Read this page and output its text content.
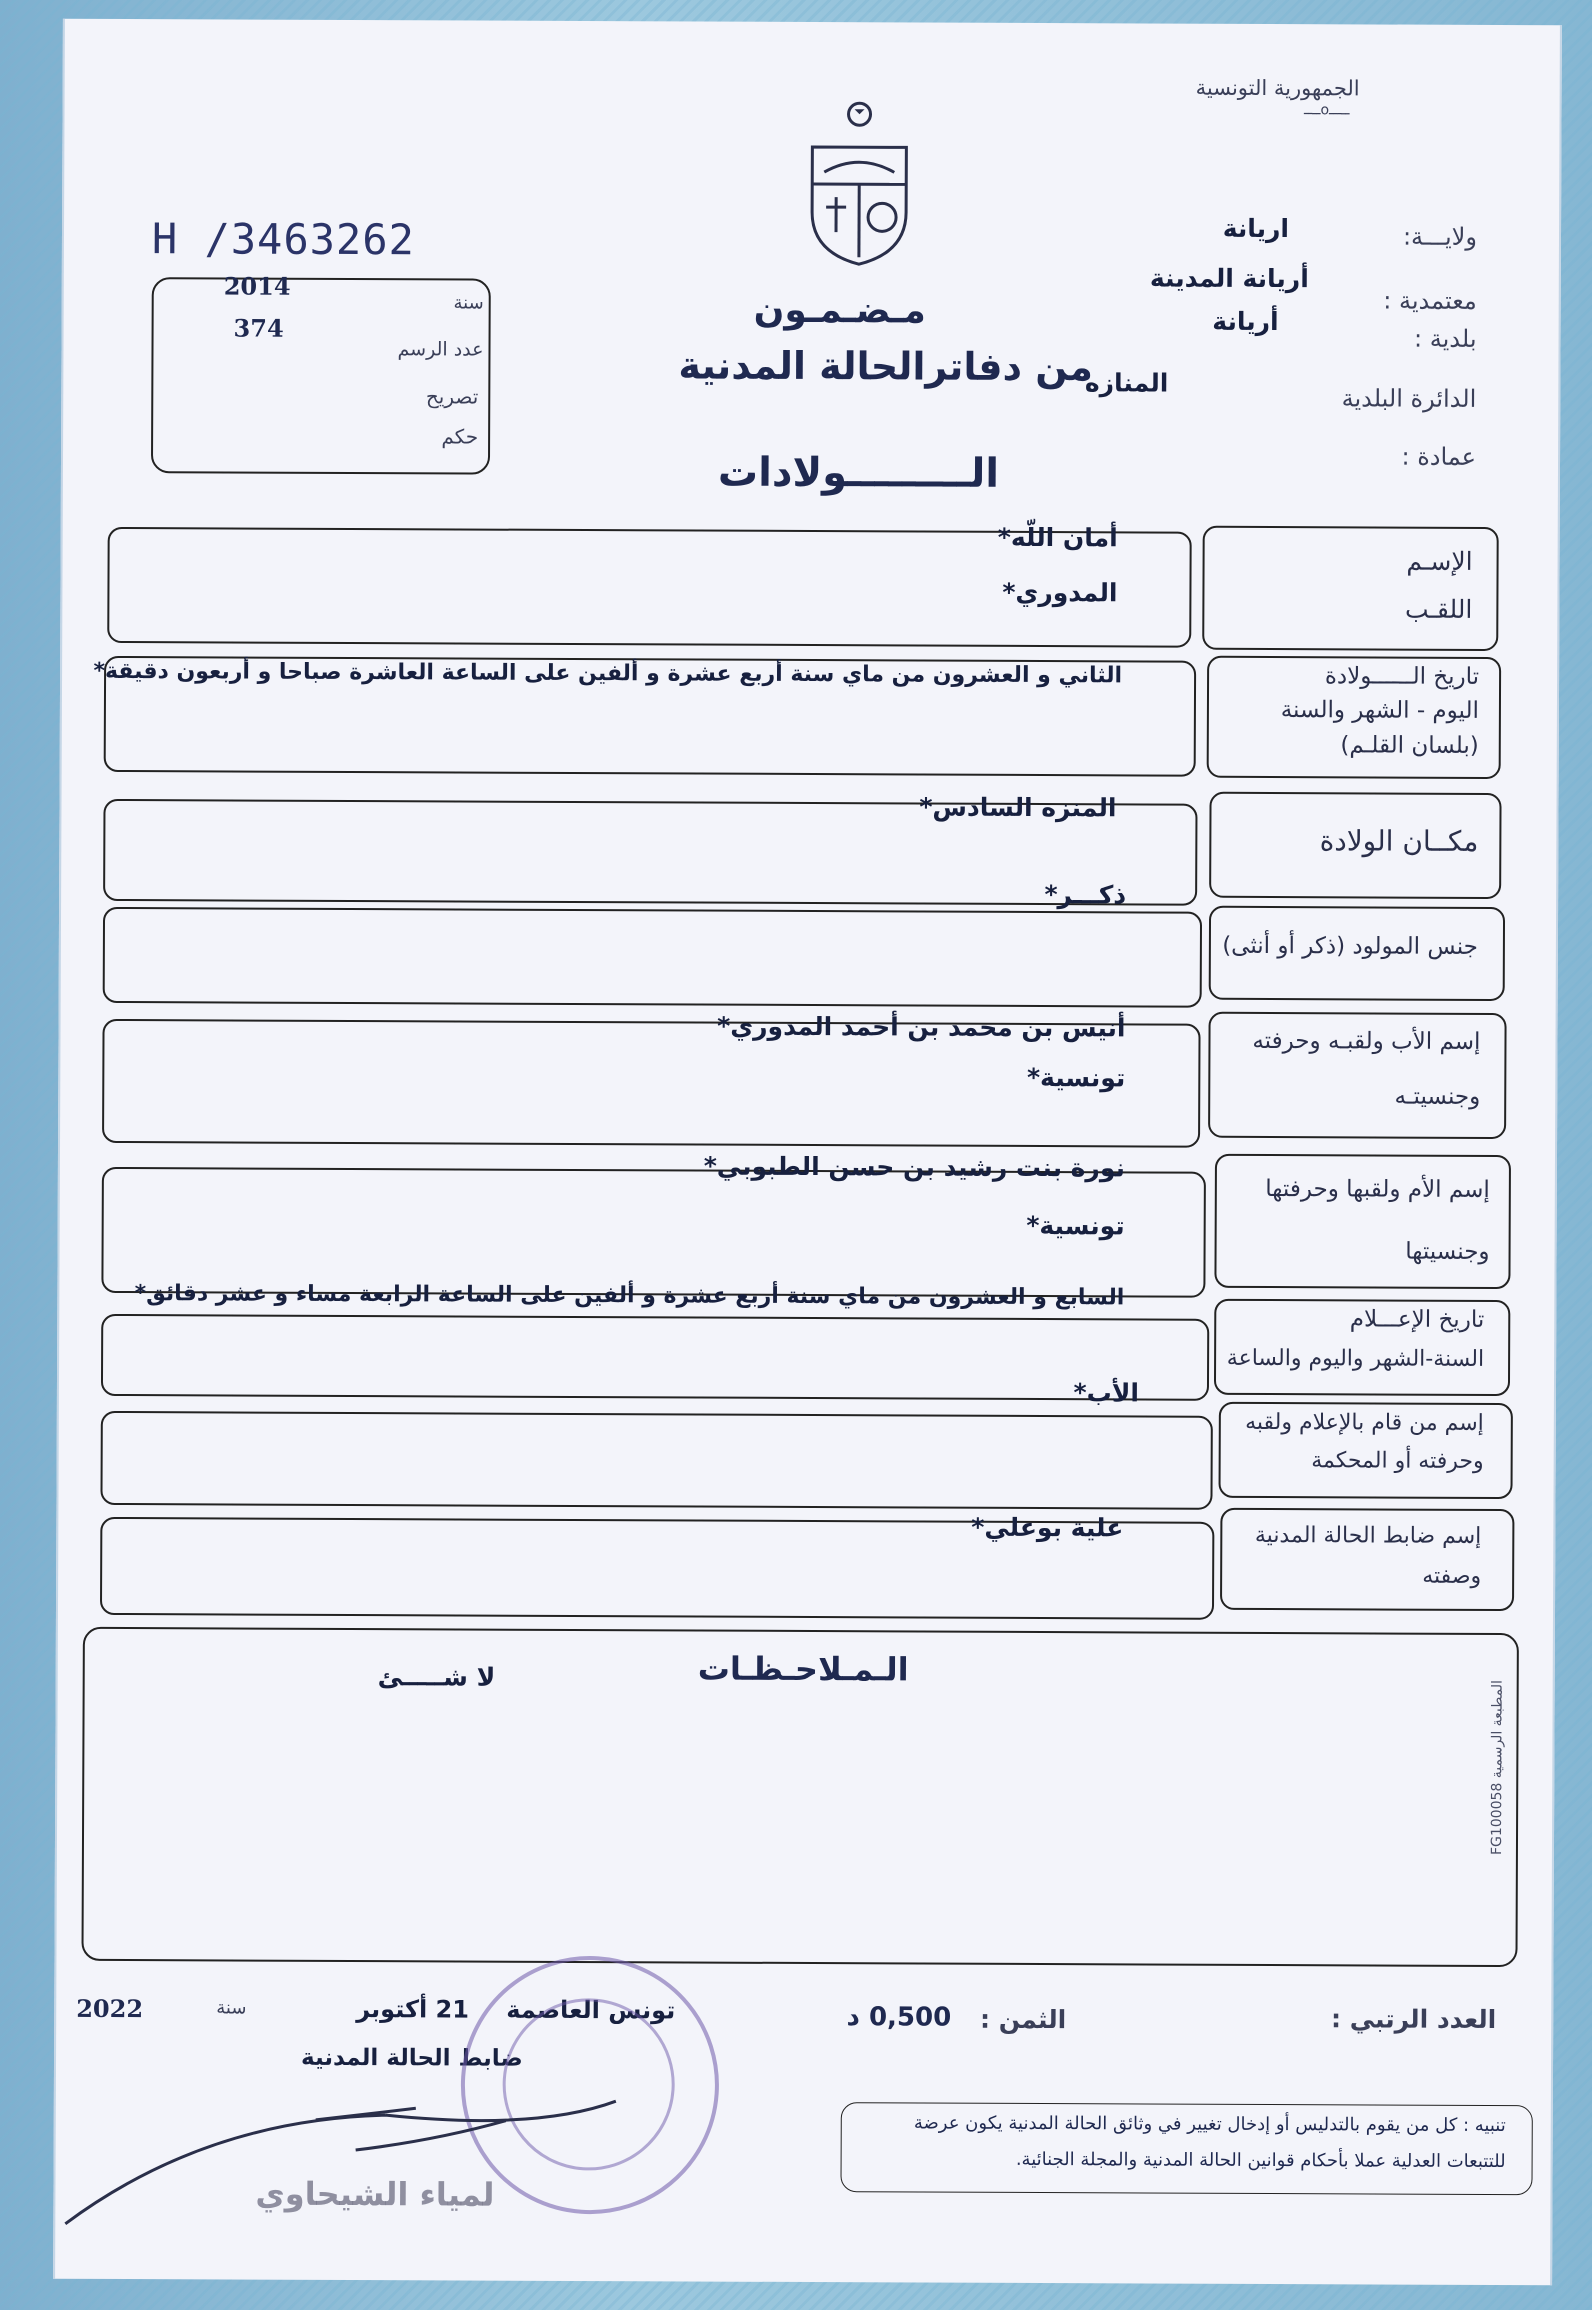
الجمهورية التونسية
ـــــoــــ
ولايـــة:
اريانة
معتمدية :
أريانة المدينة
بلدية :
أريانة
الدائرة البلدية
المنازه
عمادة :
H /3463262
2014
374
سنة
عدد الرسم
تصريح
حكم
مـضـمـون
من دفاترالحالة المدنية
الـــــــــولادات
الإسـم
اللقـب
أمان اللّه*
المدوري*
تاريخ الــــــولادة
اليوم - الشهر والسنة
(بلسان القلـم)
الثاني و العشرون من ماي سنة أربع عشرة و ألفين على الساعة العاشرة صباحا و أربعون دقيقة*
مكــان الولادة
المنزه السادس*
جنس المولود (ذكر أو أنثى)
ذكـــر*
إسم الأب ولقبـه وحرفته
وجنسيتـه
أنيس بن محمد بن أحمد المدوري*
تونسية*
إسم الأم ولقبها وحرفتها
وجنسيتها
نورة بنت رشيد بن حسن الطبوبي*
تونسية*
تاريخ الإعـــلام
السنة-الشهر واليوم والساعة
السابع و العشرون من ماي سنة أربع عشرة و ألفين على الساعة الرابعة مساء و عشر دقائق*
إسم من قام بالإعلام ولقبه
وحرفته أو المحكمة
الأب*
إسم ضابط الحالة المدنية
وصفته
علية بوعلي*
الـمـلاحـظـات
لا شـــــئ
المطبعة الرسمية FG100058
العدد الرتبي :
الثمن :
0,500 د
تونس العاصمة
21 أكتوبر
سنة
2022
ضابط الحالة المدنية
تنبيه : كل من يقوم بالتدليس أو إدخال تغيير في وثائق الحالة المدنية يكون عرضة
للتتبعات العدلية عملا بأحكام قوانين الحالة المدنية والمجلة الجنائية.
لمياء الشيحاوي
